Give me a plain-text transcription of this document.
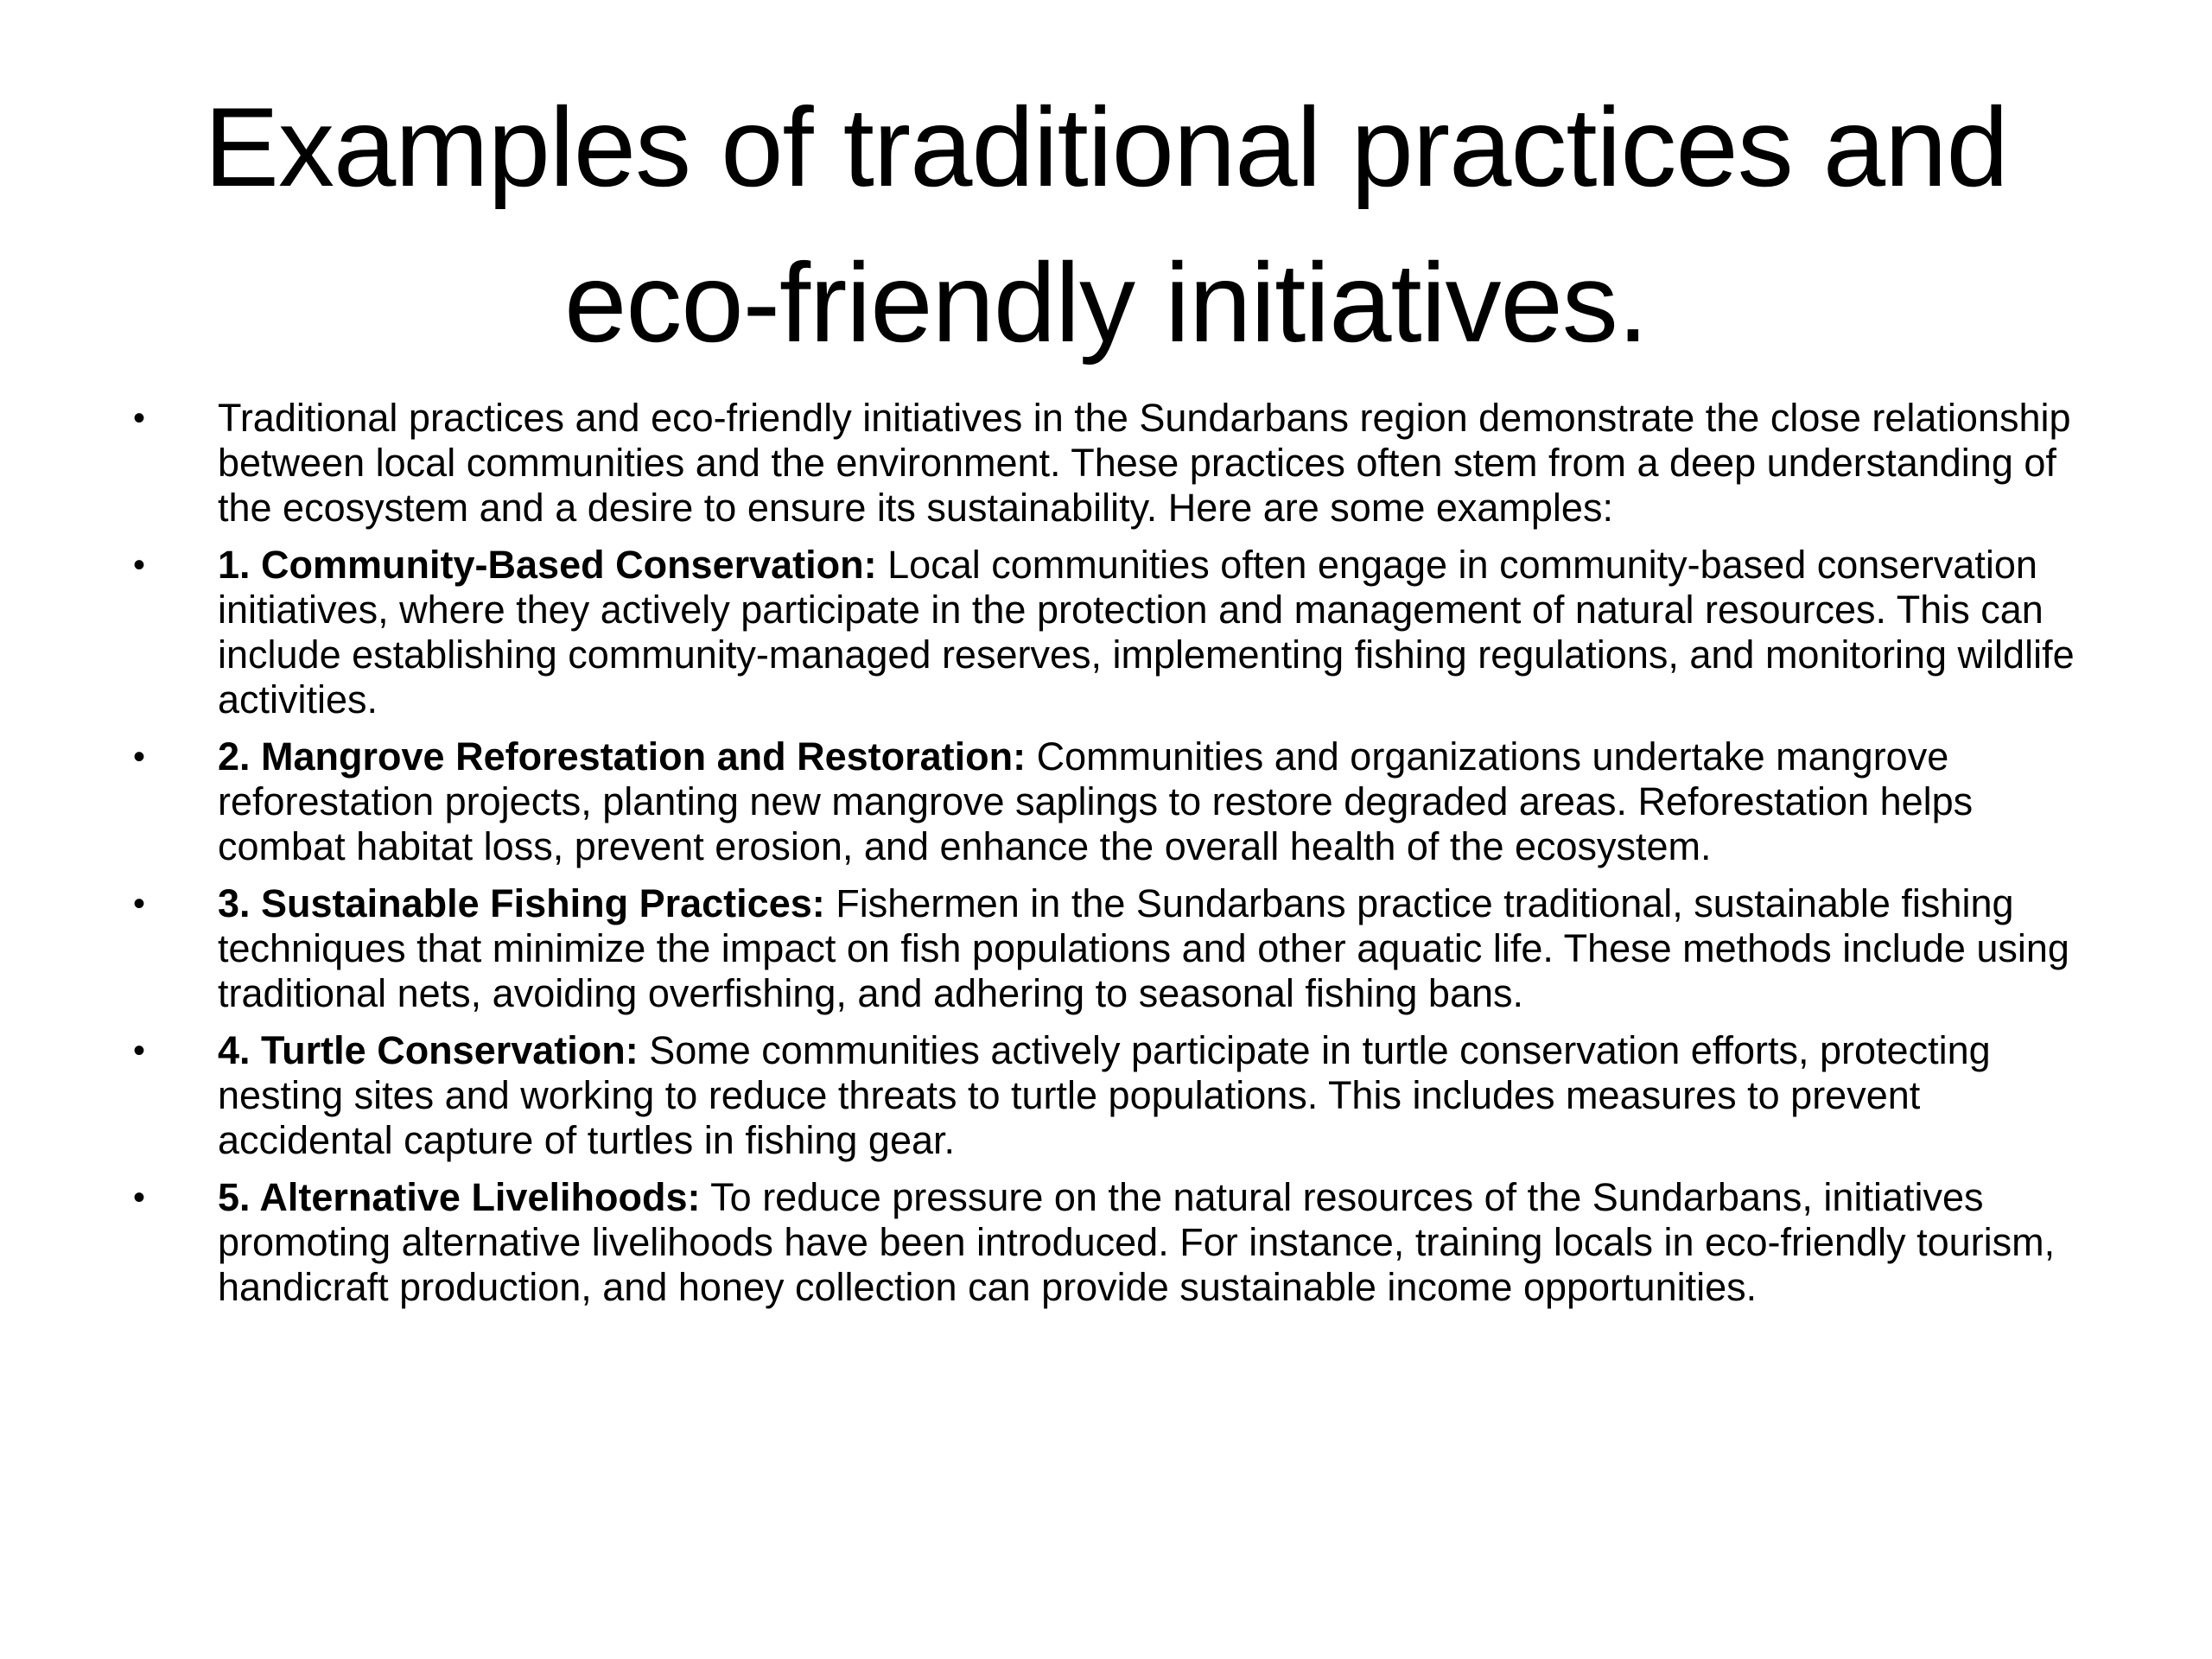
Examples of traditional practices and eco-friendly initiatives.
• Traditional practices and eco-friendly initiatives in the Sundarbans region demonstrate the close relationship between local communities and the environment. These practices often stem from a deep understanding of the ecosystem and a desire to ensure its sustainability. Here are some examples:
• 1. Community-Based Conservation: Local communities often engage in community-based conservation initiatives, where they actively participate in the protection and management of natural resources. This can include establishing community-managed reserves, implementing fishing regulations, and monitoring wildlife activities.
• 2. Mangrove Reforestation and Restoration: Communities and organizations undertake mangrove reforestation projects, planting new mangrove saplings to restore degraded areas. Reforestation helps combat habitat loss, prevent erosion, and enhance the overall health of the ecosystem.
• 3. Sustainable Fishing Practices: Fishermen in the Sundarbans practice traditional, sustainable fishing techniques that minimize the impact on fish populations and other aquatic life. These methods include using traditional nets, avoiding overfishing, and adhering to seasonal fishing bans.
• 4. Turtle Conservation: Some communities actively participate in turtle conservation efforts, protecting nesting sites and working to reduce threats to turtle populations. This includes measures to prevent accidental capture of turtles in fishing gear.
• 5. Alternative Livelihoods: To reduce pressure on the natural resources of the Sundarbans, initiatives promoting alternative livelihoods have been introduced. For instance, training locals in eco-friendly tourism, handicraft production, and honey collection can provide sustainable income opportunities.
